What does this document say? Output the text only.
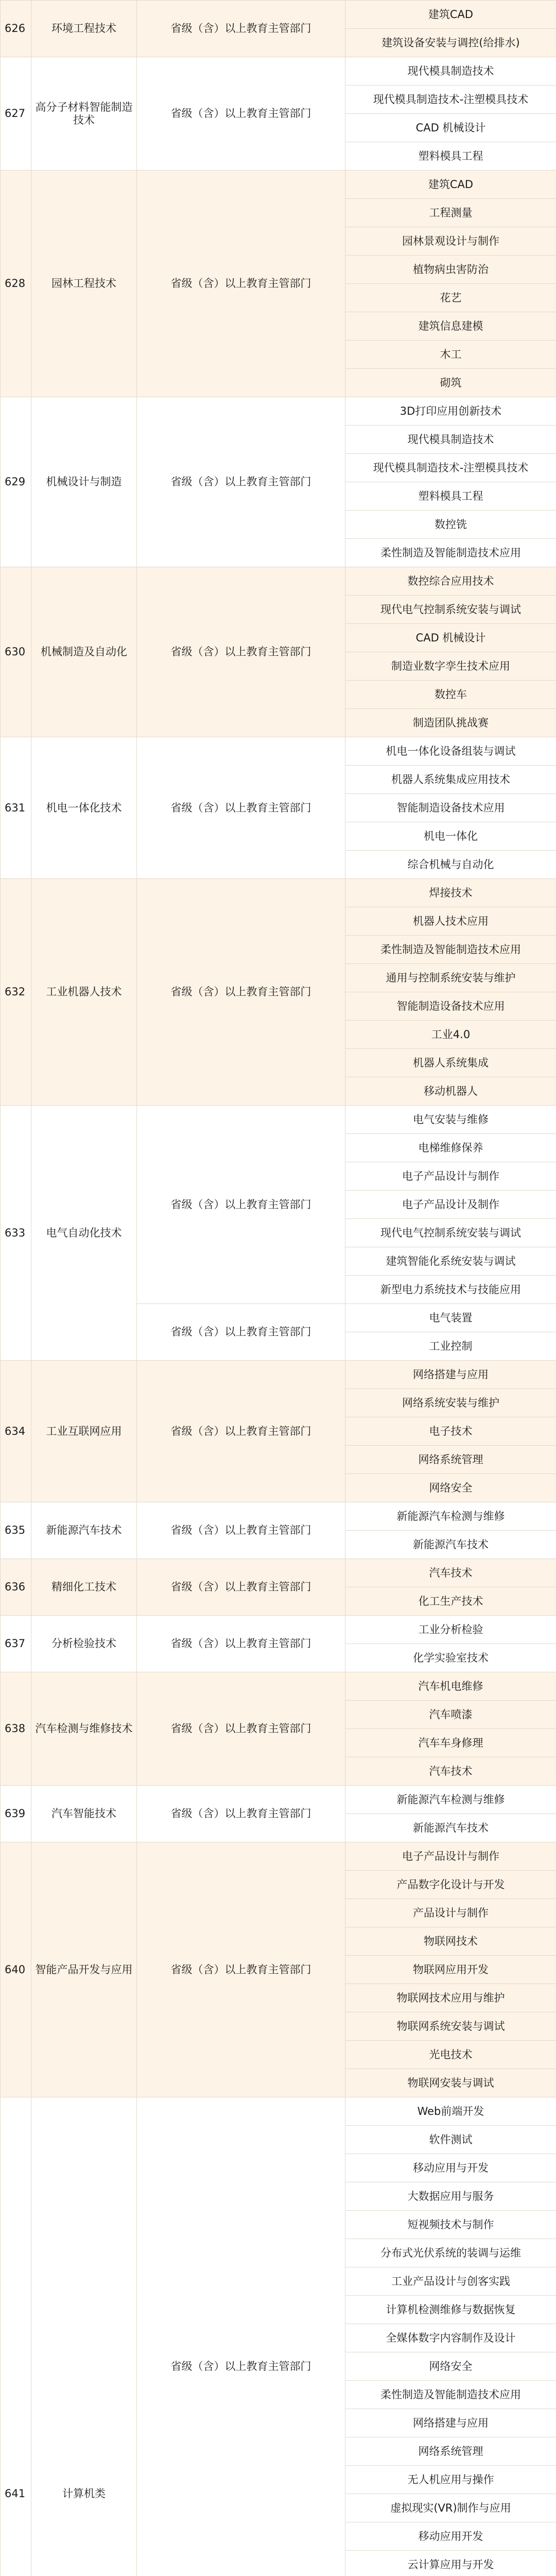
626	环境工程技术	省级（含）以上教育主管部门	建筑CAD
			建筑设备安装与调控(给排水)
627	高分子材料智能制造技术	省级（含）以上教育主管部门	现代模具制造技术
			现代模具制造技术-注塑模具技术
			CAD 机械设计
			塑料模具工程
628	园林工程技术	省级（含）以上教育主管部门	建筑CAD
			工程测量
			园林景观设计与制作
			植物病虫害防治
			花艺
			建筑信息建模
			木工
			砌筑
629	机械设计与制造	省级（含）以上教育主管部门	3D打印应用创新技术
			现代模具制造技术
			现代模具制造技术-注塑模具技术
			塑料模具工程
			数控铣
			柔性制造及智能制造技术应用
630	机械制造及自动化	省级（含）以上教育主管部门	数控综合应用技术
			现代电气控制系统安装与调试
			CAD 机械设计
			制造业数字孪生技术应用
			数控车
			制造团队挑战赛
631	机电一体化技术	省级（含）以上教育主管部门	机电一体化设备组装与调试
			机器人系统集成应用技术
			智能制造设备技术应用
			机电一体化
			综合机械与自动化
632	工业机器人技术	省级（含）以上教育主管部门	焊接技术
			机器人技术应用
			柔性制造及智能制造技术应用
			通用与控制系统安装与维护
			智能制造设备技术应用
			工业4.0
			机器人系统集成
			移动机器人
633	电气自动化技术	省级（含）以上教育主管部门	电气安装与维修
			电梯维修保养
			电子产品设计与制作
			电子产品设计及制作
			现代电气控制系统安装与调试
			建筑智能化系统安装与调试
			新型电力系统技术与技能应用
		省级（含）以上教育主管部门	电气装置
			工业控制
634	工业互联网应用	省级（含）以上教育主管部门	网络搭建与应用
			网络系统安装与维护
			电子技术
			网络系统管理
			网络安全
635	新能源汽车技术	省级（含）以上教育主管部门	新能源汽车检测与维修
			新能源汽车技术
636	精细化工技术	省级（含）以上教育主管部门	汽车技术
			化工生产技术
637	分析检验技术	省级（含）以上教育主管部门	工业分析检验
			化学实验室技术
638	汽车检测与维修技术	省级（含）以上教育主管部门	汽车机电维修
			汽车喷漆
			汽车车身修理
			汽车技术
639	汽车智能技术	省级（含）以上教育主管部门	新能源汽车检测与维修
			新能源汽车技术
640	智能产品开发与应用	省级（含）以上教育主管部门	电子产品设计与制作
			产品数字化设计与开发
			产品设计与制作
			物联网技术
			物联网应用开发
			物联网技术应用与维护
			物联网系统安装与调试
			光电技术
			物联网安装与调试
641	计算机类	省级（含）以上教育主管部门	Web前端开发
			软件测试
			移动应用与开发
			大数据应用与服务
			短视频技术与制作
			分布式光伏系统的装调与运维
			工业产品设计与创客实践
			计算机检测维修与数据恢复
			全媒体数字内容制作及设计
			网络安全
			柔性制造及智能制造技术应用
			网络搭建与应用
			网络系统管理
			无人机应用与操作
			虚拟现实(VR)制作与应用
			移动应用开发
			云计算应用与开发
